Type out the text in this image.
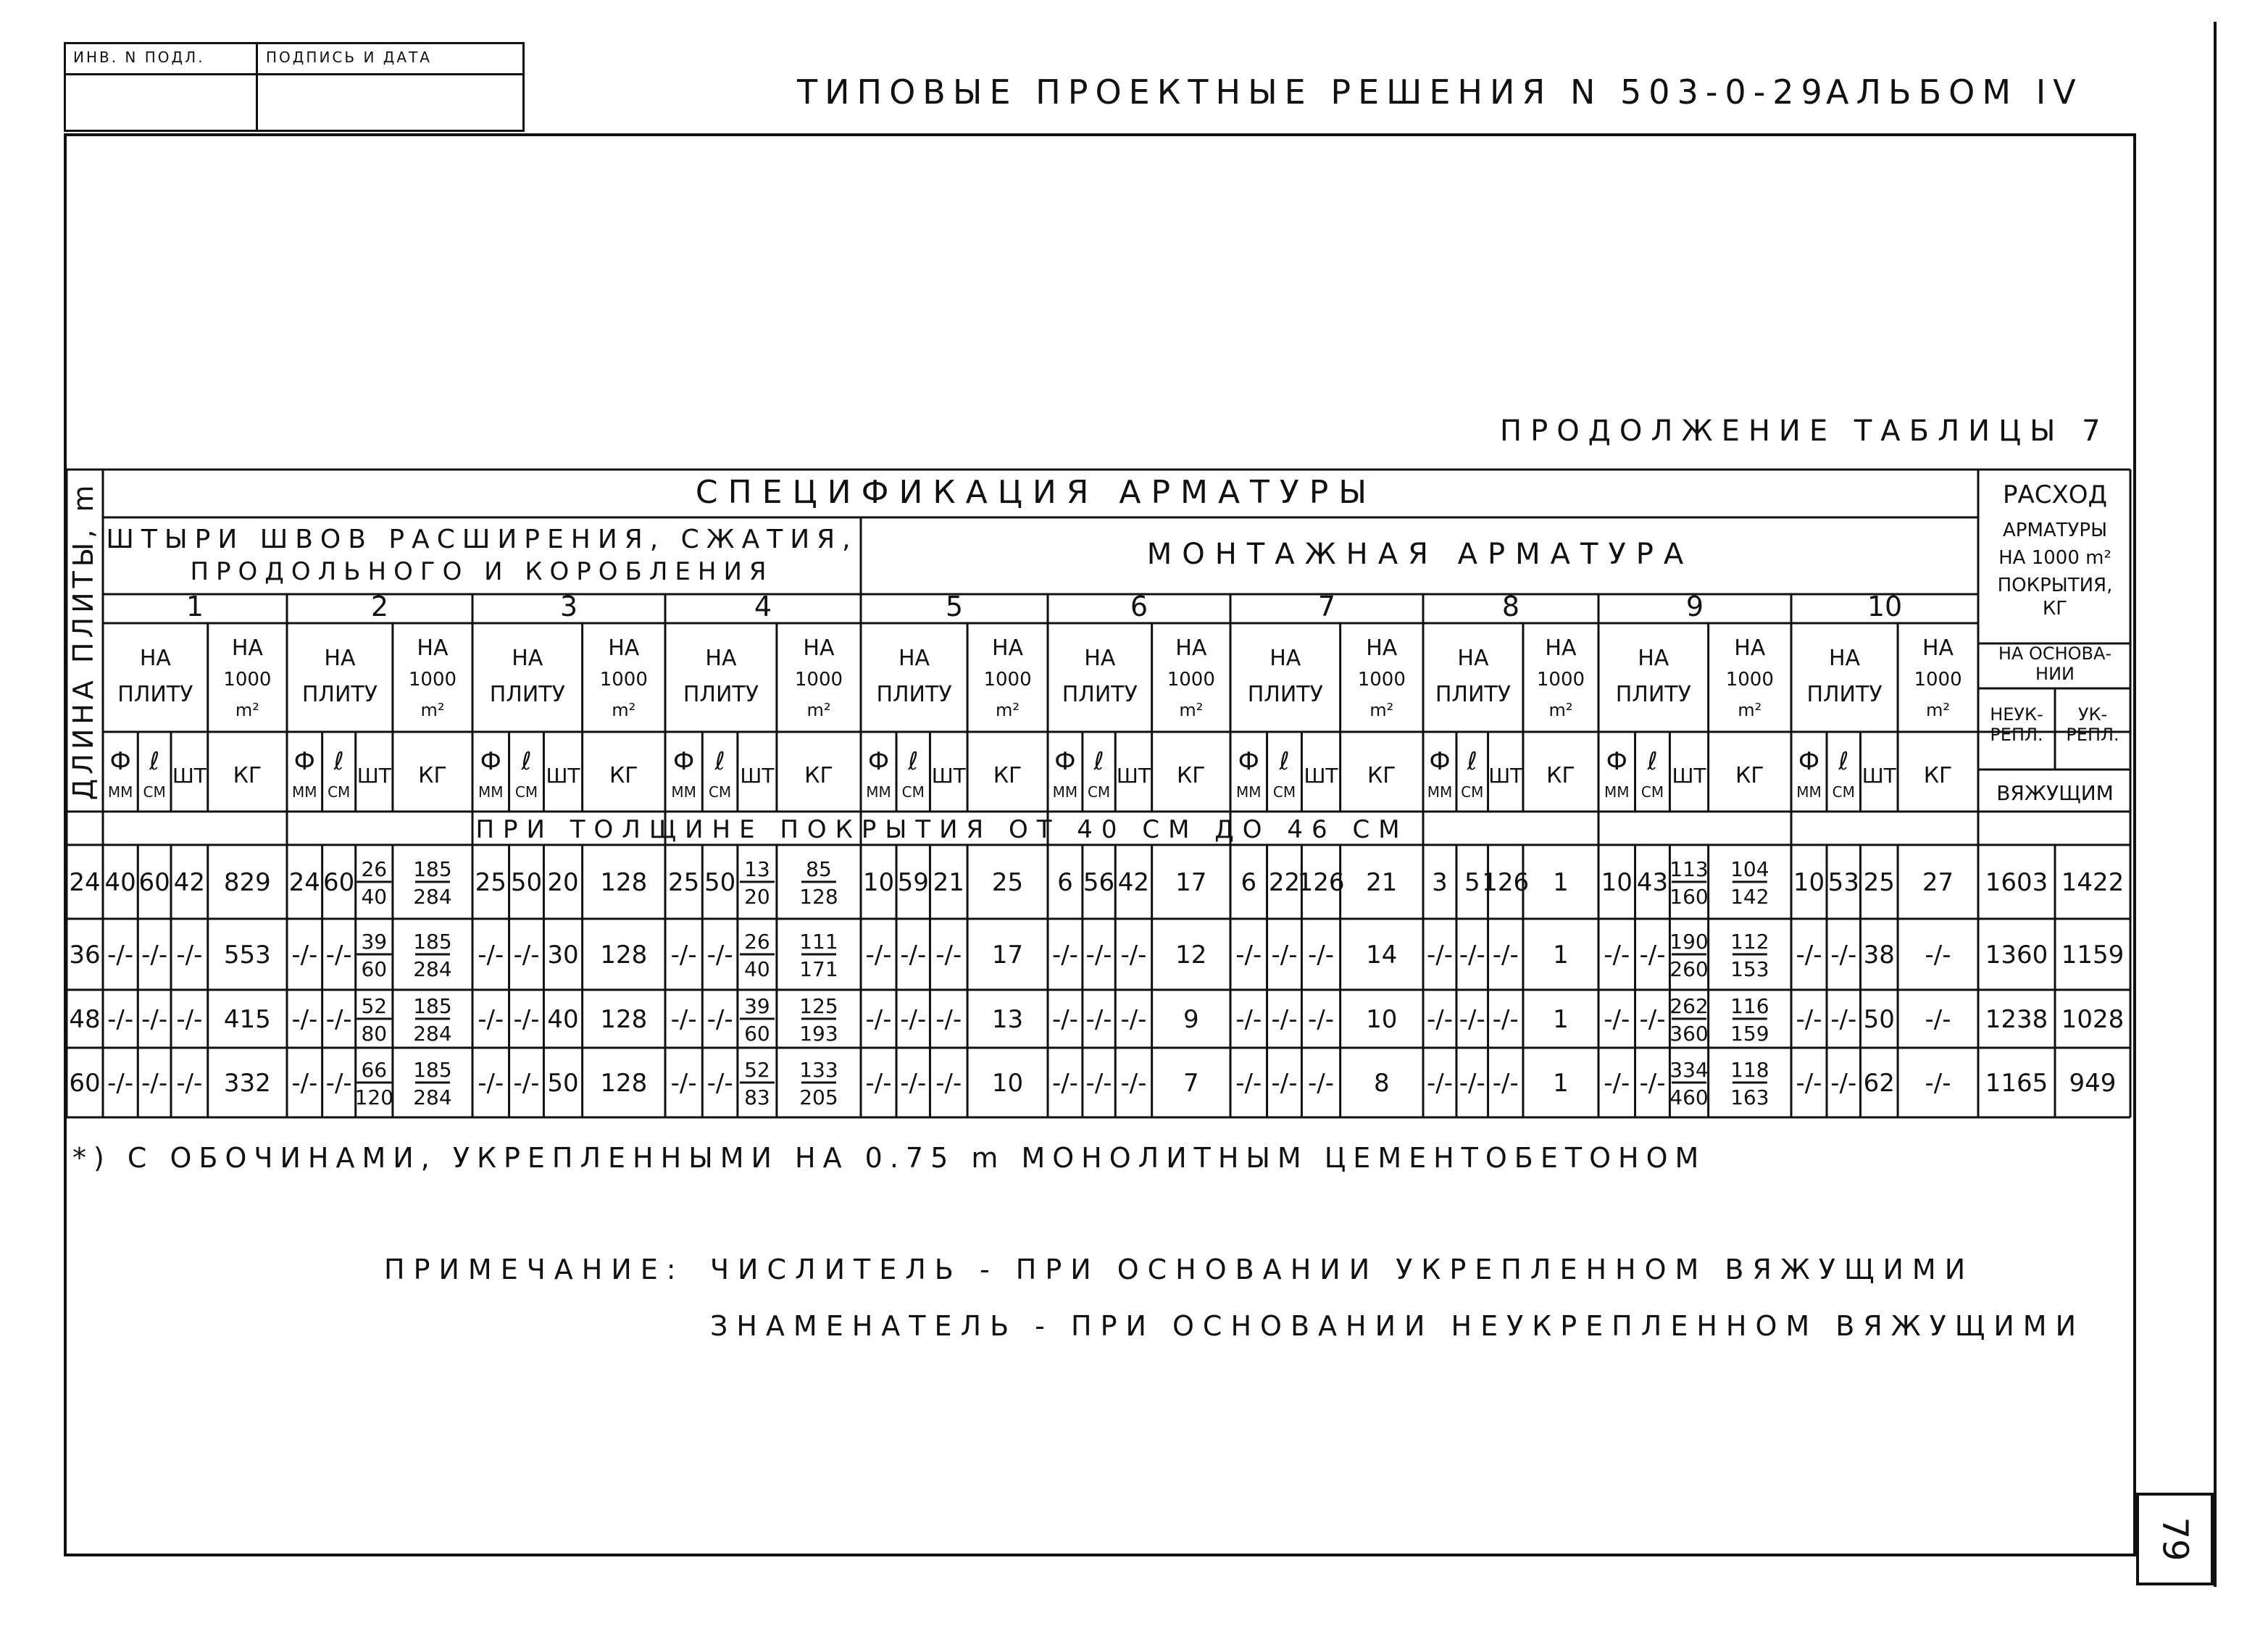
ИНВ. N ПОДЛ.	ПОДПИСЬ И ДАТА
ТИПОВЫЕ ПРОЕКТНЫЕ РЕШЕНИЯ N 503-0-29
АЛЬБОМ IV
79
ПРОДОЛЖЕНИЕ ТАБЛИЦЫ 7
ДЛИНА ПЛИТЫ, m	СПЕЦИФИКАЦИЯ АРМАТУРЫ
ШТЫРИ ШВОВ РАСШИРЕНИЯ, СЖАТИЯ,
ПРОДОЛЬНОГО И КОРОБЛЕНИЯ
МОНТАЖНАЯ АРМАТУРА
РАСХОД
АРМАТУРЫ
НА 1000 m²
ПОКРЫТИЯ,
КГ
НА ОСНОВА-
НИИ
НЕУК-
РЕПЛ.
УК-
РЕПЛ.
ВЯЖУЩИМ
1
НА
ПЛИТУ
НА
1000
m²
Ф
ММ
ℓ
СМ
ШТ КГ
2
НА
ПЛИТУ
НА
1000
m²
Ф
ММ
ℓ
СМ
ШТ КГ
3
НА
ПЛИТУ
НА
1000
m²
Ф
ММ
ℓ
СМ
ШТ КГ
4
НА
ПЛИТУ
НА
1000
m²
Ф
ММ
ℓ
СМ
ШТ КГ
5
НА
ПЛИТУ
НА
1000
m²
Ф
ММ
ℓ
СМ
ШТ КГ
6
НА
ПЛИТУ
НА
1000
m²
Ф
ММ
ℓ
СМ
ШТ КГ
7
НА
ПЛИТУ
НА
1000
m²
Ф
ММ
ℓ
СМ
ШТ КГ
8
НА
ПЛИТУ
НА
1000
m²
Ф
ММ
ℓ
СМ
ШТ КГ
9
НА
ПЛИТУ
НА
1000
m²
Ф
ММ
ℓ
СМ
ШТ КГ
10
НА
ПЛИТУ
НА
1000
m²
Ф
ММ
ℓ
СМ
ШТ КГ
ПРИ ТОЛЩИНЕ ПОКРЫТИЯ ОТ 40 СМ ДО 46 СМ
24 40 60 42 829 24 60 26
40
185
284 25 50 20 128 25 50 13
20
85
128 10 59 21 25 6 56 42 17 6 22
126 21 3 5 126 1 10 43 113
160
104
142 10 53 25 27 1603 1422
36 -/- -/- -/- 553 -/- -/- 39
60
185
284 -/- -/- 30 128 -/- -/- 26
40
111
171 -/- -/- -/- 17 -/- -/- -/- 12 -/- -/- -/- 14 -/- -/- -/- 1 -/- -/- 190
260
112
153 -/- -/- 38 -/- 1360 1159
48 -/- -/- -/- 415 -/- -/- 52
80
185
284 -/- -/- 40 128 -/- -/- 39
60
125
193 -/- -/- -/- 13 -/- -/- -/- 9 -/- -/- -/- 10 -/- -/- -/- 1 -/- -/- 262
360
116
159 -/- -/- 50 -/- 1238 1028
60 -/- -/- -/- 332 -/- -/- 66
120
185
284 -/- -/- 50 128 -/- -/- 52
83
133
205 -/- -/- -/- 10 -/- -/- -/- 7 -/- -/- -/- 8 -/- -/- -/- 1 -/- -/- 334
460
118
163 -/- -/- 62 -/- 1165 949
*) С ОБОЧИНАМИ, УКРЕПЛЕННЫМИ НА 0.75 m МОНОЛИТНЫМ ЦЕМЕНТОБЕТОНОМ
ПРИМЕЧАНИЕ: ЧИСЛИТЕЛЬ - ПРИ ОСНОВАНИИ УКРЕПЛЕННОМ ВЯЖУЩИМИ
ЗНАМЕНАТЕЛЬ - ПРИ ОСНОВАНИИ НЕУКРЕПЛЕННОМ ВЯЖУЩИМИ
